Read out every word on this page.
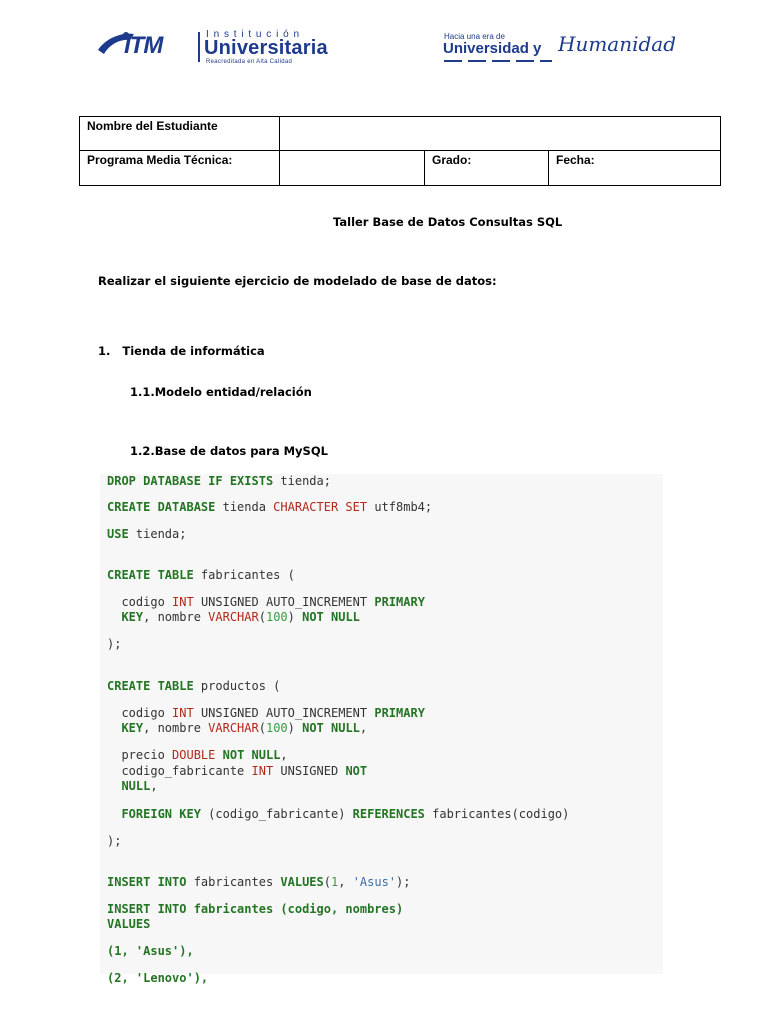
ITM	Institución
Universitaria
Reacreditada en Alta Calidad
Hacia una era de
Universidad y Humanidad
Nombre del Estudiante			
Programa Media Técnica:		Grado:	Fecha:
Taller Base de Datos Consultas SQL
Realizar el siguiente ejercicio de modelado de base de datos:
1.   Tienda de informática
1.1.Modelo entidad/relación
1.2.Base de datos para MySQL
DROP DATABASE IF EXISTS tienda;
CREATE DATABASE tienda CHARACTER SET utf8mb4;
USE tienda;
CREATE TABLE fabricantes (
codigo INT UNSIGNED AUTO_INCREMENT PRIMARY
KEY, nombre VARCHAR(100) NOT NULL
);
CREATE TABLE productos (
codigo INT UNSIGNED AUTO_INCREMENT PRIMARY
KEY, nombre VARCHAR(100) NOT NULL,
precio DOUBLE NOT NULL,
codigo_fabricante INT UNSIGNED NOT
NULL,
FOREIGN KEY (codigo_fabricante) REFERENCES fabricantes(codigo)
);
INSERT INTO fabricantes VALUES(1, 'Asus');
INSERT INTO fabricantes (codigo, nombres)
VALUES
(1, 'Asus'),
(2, 'Lenovo'),
